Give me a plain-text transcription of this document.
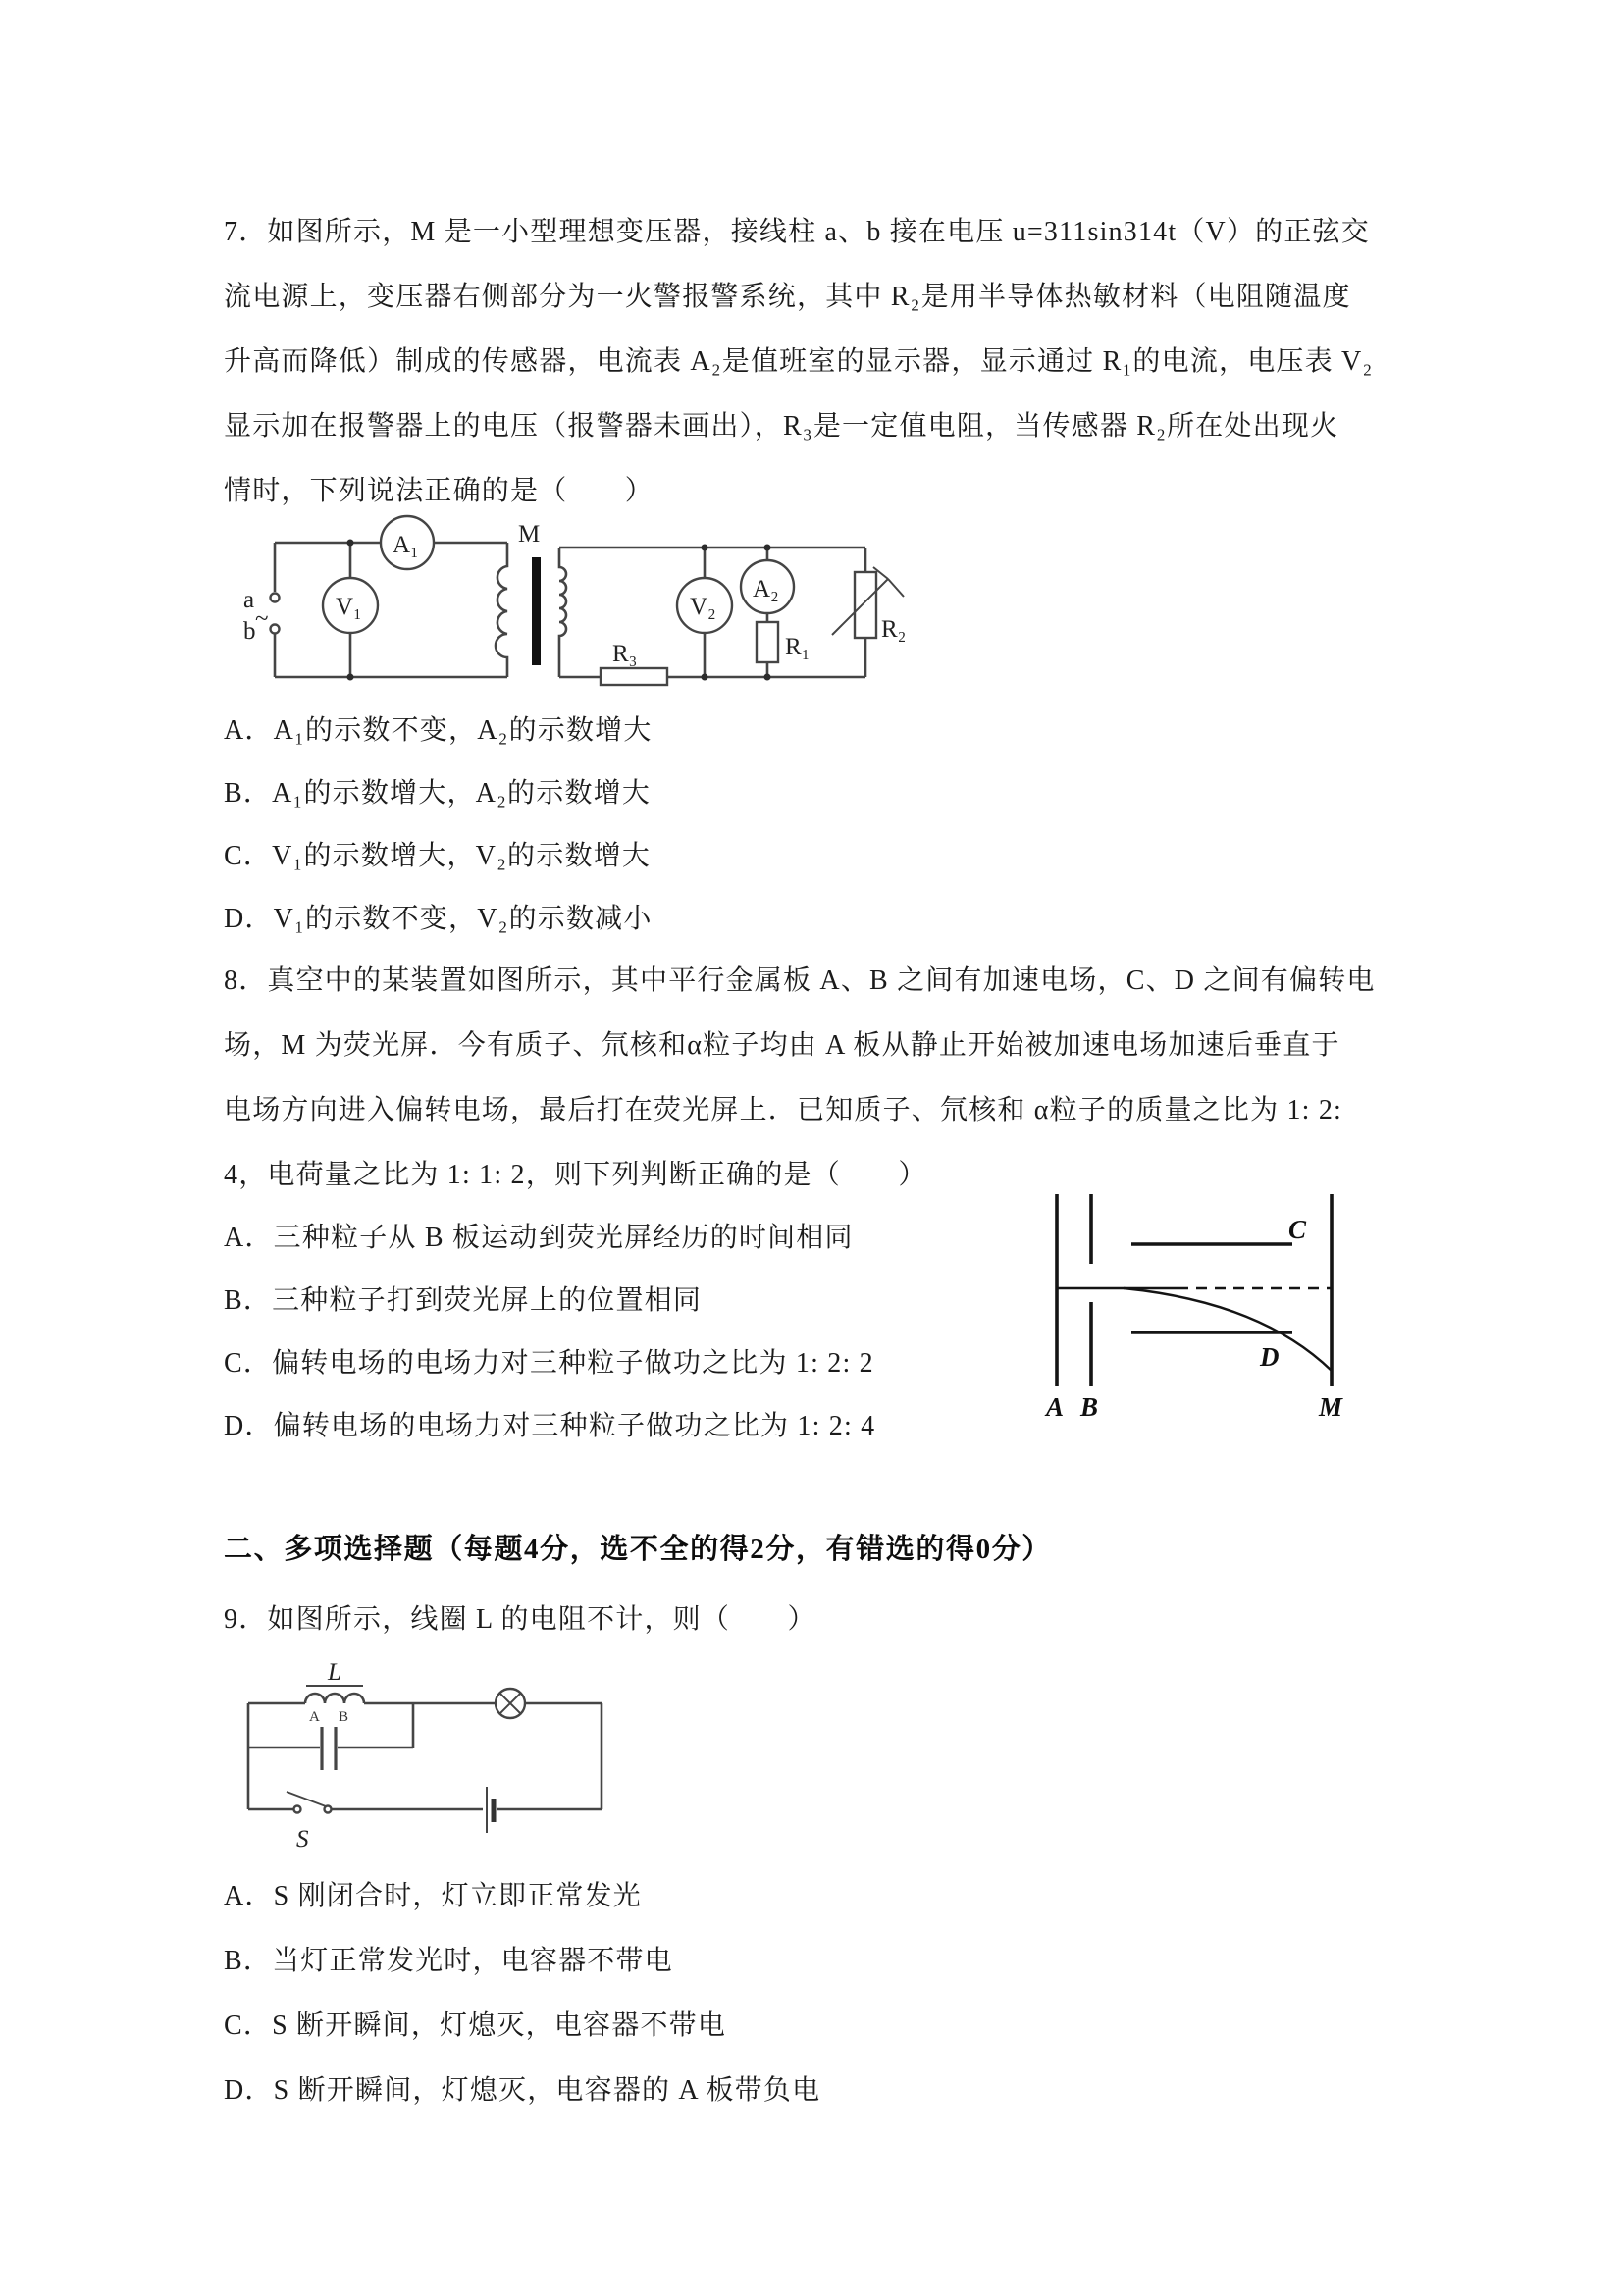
7．如图所示，M 是一小型理想变压器，接线柱 a、b 接在电压 u=311sin314t（V）的正弦交
流电源上，变压器右侧部分为一火警报警系统，其中 R₂是用半导体热敏材料（电阻随温度
升高而降低）制成的传感器，电流表 A₂是值班室的显示器，显示通过 R₁的电流，电压表 V₂
显示加在报警器上的电压（报警器未画出），R₃是一定值电阻，当传感器 R₂所在处出现火
情时，下列说法正确的是（　　）
a
~
b
V₁
A₁	M
R₃
V₂
A₂
R₁
R₂
A．A₁的示数不变，A₂的示数增大
B．A₁的示数增大，A₂的示数增大
C．V₁的示数增大，V₂的示数增大
D．V₁的示数不变，V₂的示数减小
8．真空中的某装置如图所示，其中平行金属板 A、B 之间有加速电场，C、D 之间有偏转电
场，M 为荧光屏．今有质子、氘核和α粒子均由 A 板从静止开始被加速电场加速后垂直于
电场方向进入偏转电场，最后打在荧光屏上．已知质子、氘核和 α粒子的质量之比为 1: 2:
4，电荷量之比为 1: 1: 2，则下列判断正确的是（　　）
A．三种粒子从 B 板运动到荧光屏经历的时间相同
B．三种粒子打到荧光屏上的位置相同
C．偏转电场的电场力对三种粒子做功之比为 1: 2: 2
D．偏转电场的电场力对三种粒子做功之比为 1: 2: 4
C
D
A B	M
二、多项选择题（每题4分，选不全的得2分，有错选的得0分）
9．如图所示，线圈 L 的电阻不计，则（　　）
L
A B
S
A．S 刚闭合时，灯立即正常发光
B．当灯正常发光时，电容器不带电
C．S 断开瞬间，灯熄灭，电容器不带电
D．S 断开瞬间，灯熄灭，电容器的 A 板带负电
